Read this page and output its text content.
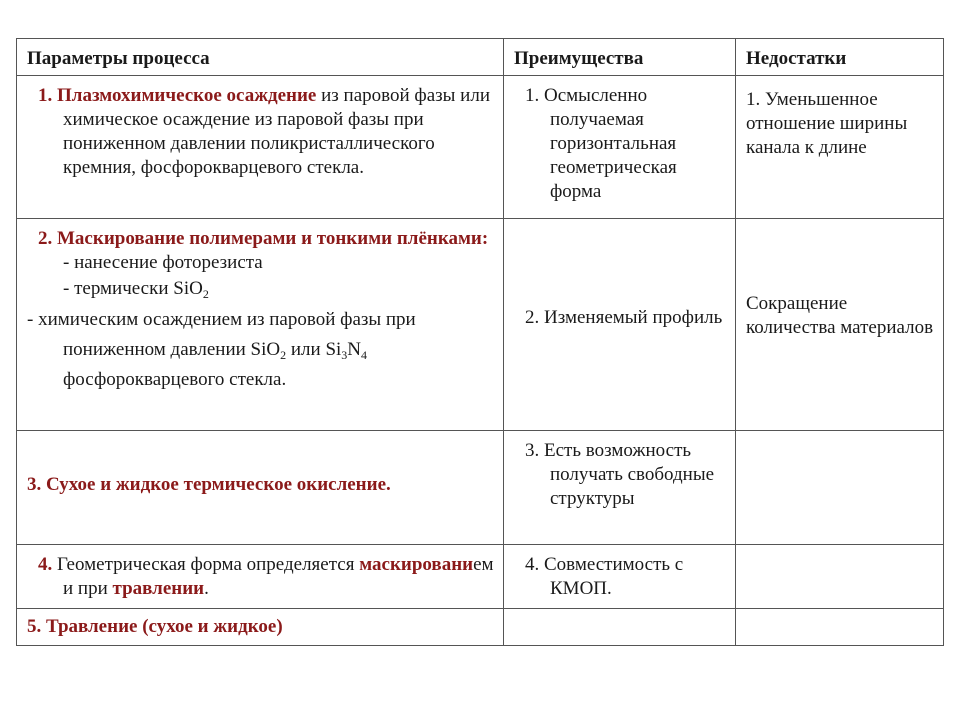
Параметры процесса	Преимущества	Недостатки

1. Плазмохимическое осаждение из паровой фазы или химическое осаждение из паровой фазы при пониженном давлении поликристаллического кремния, фосфорокварцевого стекла.	1. Осмысленно получаемая горизонтальная геометрическая форма	1. Уменьшенное отношение ширины канала к длине

2. Маскирование полимерами и тонкими плёнками:
- нанесение фоторезиста
- термически SiO$_2$
- химическим осаждением из паровой фазы при пониженном давлении SiO$_2$ или $Si_3N_4$ фосфорокварцевого стекла.	2. Изменяемый профиль	Сокращение количества материалов

3. Сухое и жидкое термическое окисление.	3. Есть возможность получать свободные структуры	

4. Геометрическая форма определяется маскированием и при травлении.	4. Совместимость с КМОП.	

5. Травление (сухое и жидкое)		
